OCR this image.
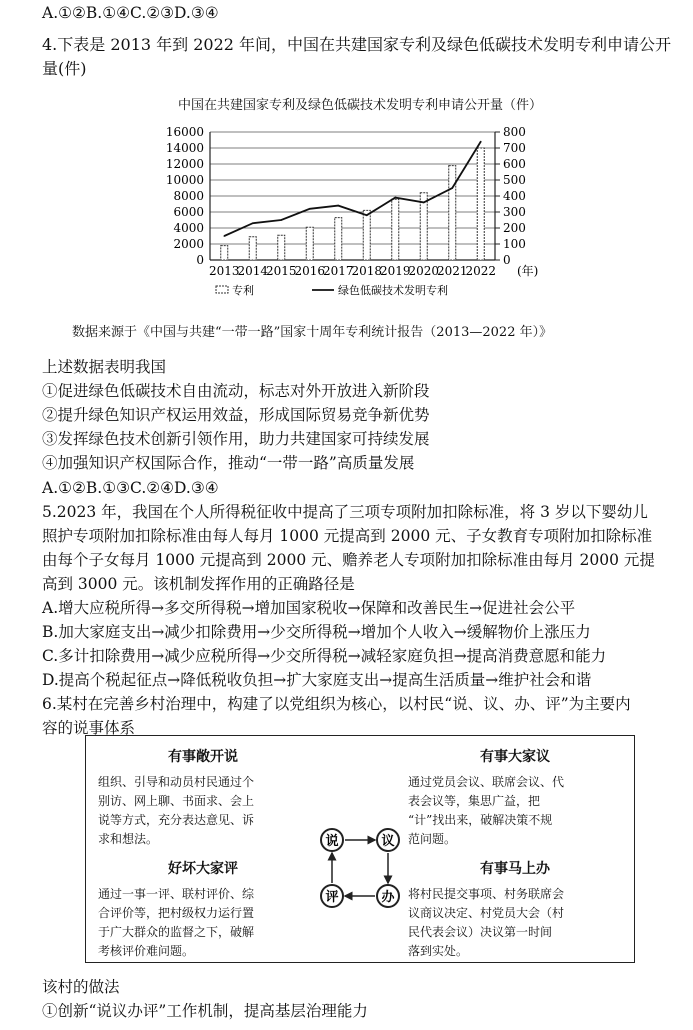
A.①②B.①④C.②③D.③④
4.下表是 2013 年到 2022 年间，中国在共建国家专利及绿色低碳技术发明专利申请公开
量(件)
中国在共建国家专利及绿色低碳技术发明专利申请公开量（件）
0
2000
4000
6000
8000
10000
12000
14000
16000
0
100
200
300
400
500
600
700
800
2013
2014
2015
2016
2017
2018
2019
2020
2021
2022 (年)
专利	绿色低碳技术发明专利
数据来源于《中国与共建“一带一路”国家十周年专利统计报告（2013—2022 年）》
上述数据表明我国
①促进绿色低碳技术自由流动，标志对外开放进入新阶段
②提升绿色知识产权运用效益，形成国际贸易竞争新优势
③发挥绿色技术创新引领作用，助力共建国家可持续发展
④加强知识产权国际合作，推动“一带一路”高质量发展
A.①②B.①③C.②④D.③④
5.2023 年，我国在个人所得税征收中提高了三项专项附加扣除标准，将 3 岁以下婴幼儿
照护专项附加扣除标准由每人每月 1000 元提高到 2000 元、子女教育专项附加扣除标准
由每个子女每月 1000 元提高到 2000 元、赡养老人专项附加扣除标准由每月 2000 元提
高到 3000 元。该机制发挥作用的正确路径是
A.增大应税所得→多交所得税→增加国家税收→保障和改善民生→促进社会公平
B.加大家庭支出→减少扣除费用→少交所得税→增加个人收入→缓解物价上涨压力
C.多计扣除费用→减少应税所得→少交所得税→减轻家庭负担→提高消费意愿和能力
D.提高个税起征点→降低税收负担→扩大家庭支出→提高生活质量→维护社会和谐
6.某村在完善乡村治理中，构建了以党组织为核心，以村民“说、议、办、评”为主要内
容的说事体系
有事敞开说

组织、引导和动员村民通过个

别访、网上聊、书面求、会上

说等方式，充分表达意见、诉

求和想法。

有事大家议

通过党员会议、联席会议、代

表会议等，集思广益，把

“计”找出来，破解决策不规

范问题。

好坏大家评

通过一事一评、联村评价、综

合评价等，把村级权力运行置

于广大群众的监督之下，破解

考核评价难问题。

有事马上办

将村民提交事项、村务联席会

议商议决定、村党员大会（村

民代表会议）决议第一时间

落到实处。

说	议
办
评
该村的做法
①创新“说议办评”工作机制，提高基层治理能力
